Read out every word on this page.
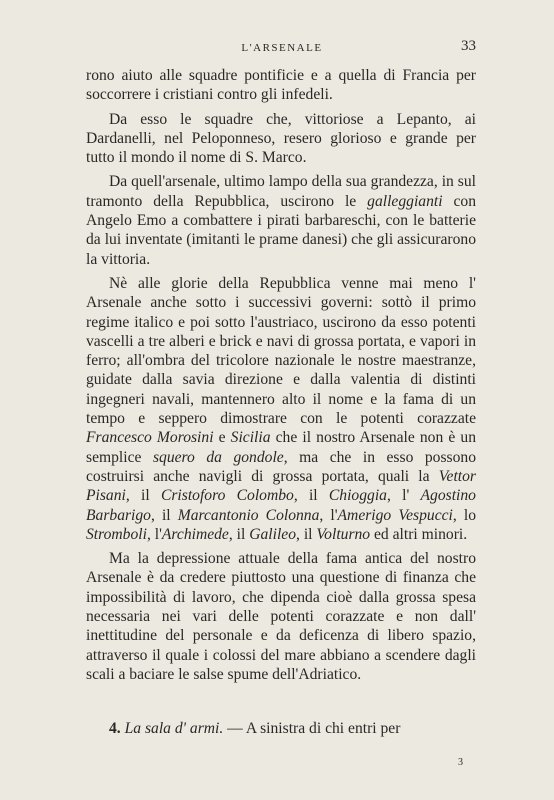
L'ARSENALE	33

rono aiuto alle squadre pontificie e a quella di Francia per soccorrere i cristiani contro gli infedeli.

Da esso le squadre che, vittoriose a Lepanto, ai Dardanelli, nel Peloponneso, resero glorioso e grande per tutto il mondo il nome di S. Marco.

Da quell'arsenale, ultimo lampo della sua grandezza, in sul tramonto della Repubblica, uscirono le galleggianti con Angelo Emo a combattere i pirati barbareschi, con le batterie da lui inventate (imitanti le prame danesi) che gli assicurarono la vittoria.

Nè alle glorie della Repubblica venne mai meno l' Arsenale anche sotto i successivi governi: sottò il primo regime italico e poi sotto l'austriaco, uscirono da esso potenti vascelli a tre alberi e brick e navi di grossa portata, e vapori in ferro; all'ombra del tricolore nazionale le nostre maestranze, guidate dalla savia direzione e dalla valentia di distinti ingegneri navali, mantennero alto il nome e la fama di un tempo e seppero dimostrare con le potenti corazzate Francesco Morosini e Sicilia che il nostro Arsenale non è un semplice squero da gondole, ma che in esso possono costruirsi anche navigli di grossa portata, quali la Vettor Pisani, il Cristoforo Colombo, il Chioggia, l' Agostino Barbarigo, il Marcantonio Colonna, l'Amerigo Vespucci, lo Stromboli, l'Archimede, il Galileo, il Volturno ed altri minori.

Ma la depressione attuale della fama antica del nostro Arsenale è da credere piuttosto una questione di finanza che impossibilità di lavoro, che dipenda cioè dalla grossa spesa necessaria nei vari delle potenti corazzate e non dall' inettitudine del personale e da deficenza di libero spazio, attraverso il quale i colossi del mare abbiano a scendere dagli scali a baciare le salse spume dell'Adriatico.

4. La sala d' armi. — A sinistra di chi entri per
3
